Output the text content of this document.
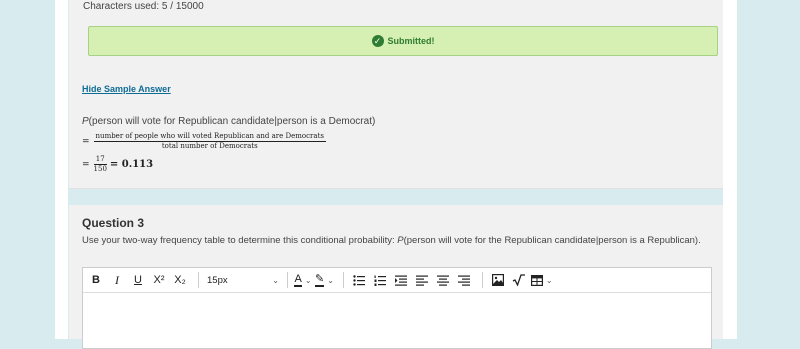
Characters used: 5 / 15000
✓ Submitted!
Hide Sample Answer
P(person will vote for Republican candidate|person is a Democrat)
= $\frac{\text{number of people who will voted Republican and are Democrats}}{\text{total number of Democrats}}$
= $\frac{17}{150} = 0.113$
Question 3
Use your two-way frequency table to determine this conditional probability: P(person will vote for the Republican candidate|person is a Republican).
B	I	U	X² X₂	15px	⌄ A ⌄ ✎ ⌄	⌄
